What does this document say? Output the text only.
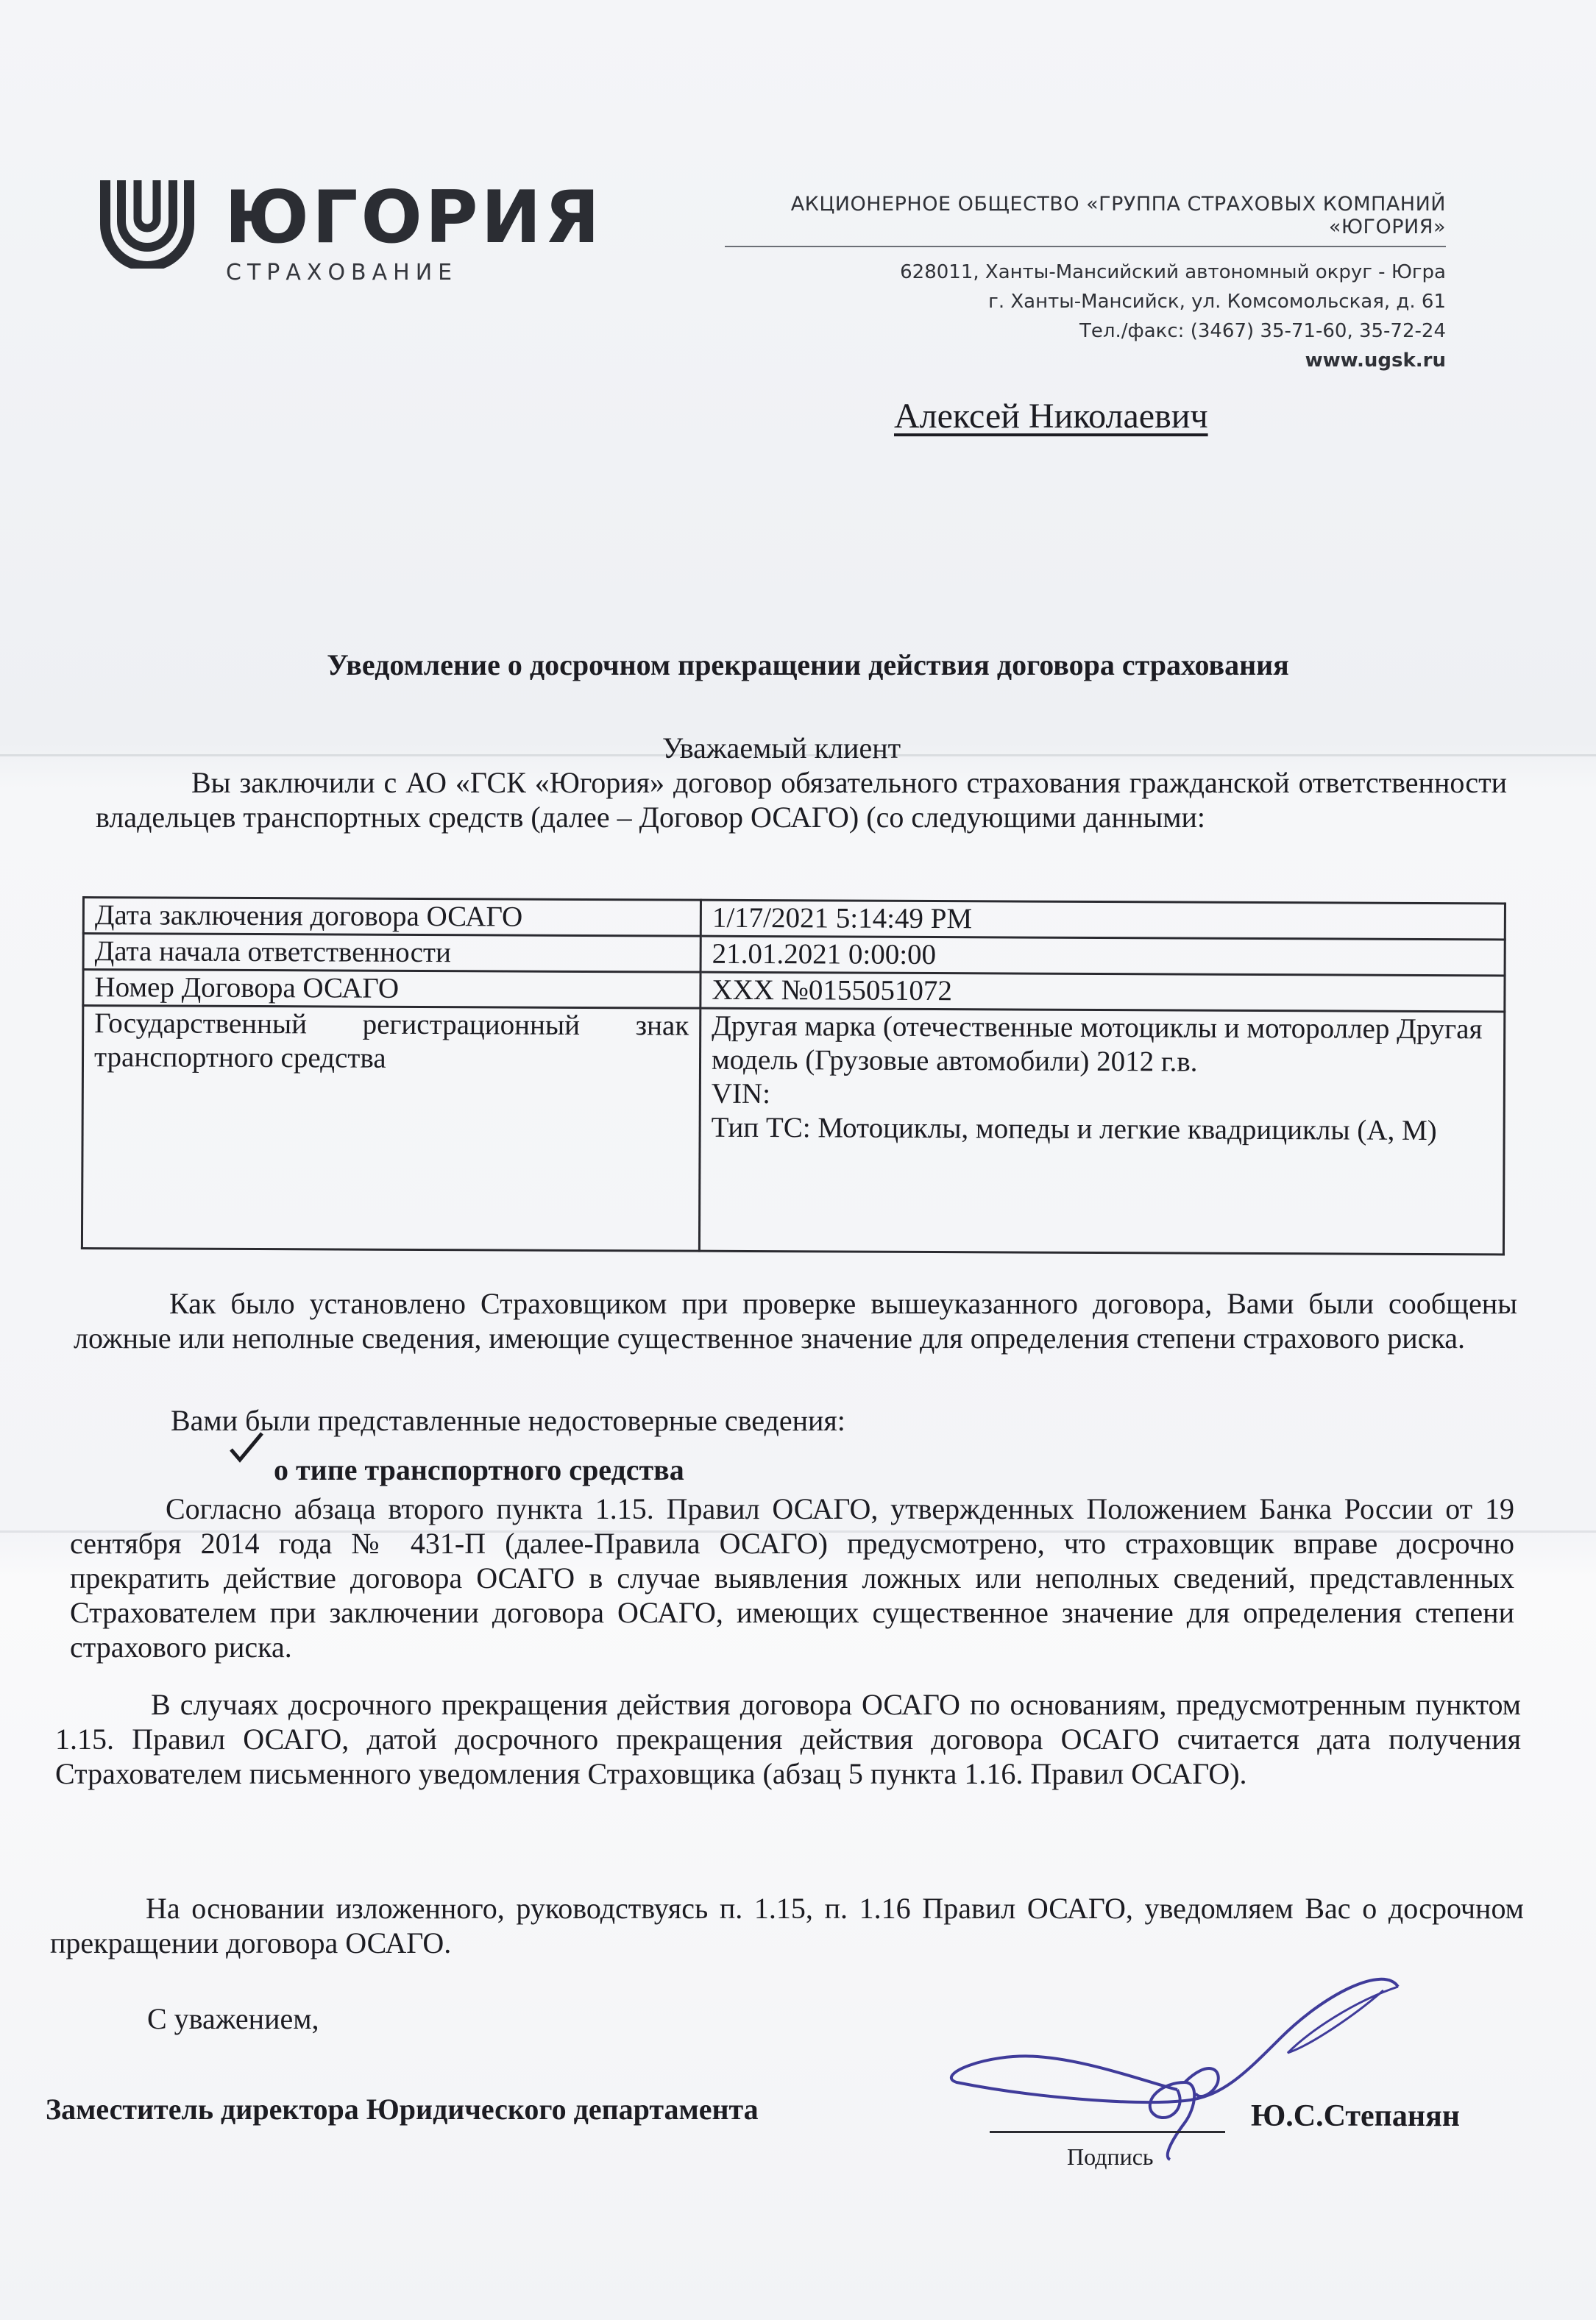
ЮГОРИЯ
СТРАХОВАНИЕ
АКЦИОНЕРНОЕ ОБЩЕСТВО «ГРУППА СТРАХОВЫХ КОМПАНИЙ «ЮГОРИЯ»
628011, Ханты-Мансийский автономный округ - Югра
г. Ханты-Мансийск, ул. Комсомольская, д. 61
Тел./факс: (3467) 35-71-60, 35-72-24
www.ugsk.ru
Алексей Николаевич
Уведомление о досрочном прекращении действия договора страхования
Уважаемый клиент
Вы заключили с АО «ГСК «Югория» договор обязательного страхования гражданской ответственности владельцев транспортных средств (далее – Договор ОСАГО) (со следующими данными:
Дата заключения договора ОСАГО	1/17/2021 5:14:49 PM
Дата начала ответственности	21.01.2021 0:00:00
Номер Договора ОСАГО	ХХХ №0155051072
Государственный регистрационный знак транспортного средства	Другая марка (отечественные мотоциклы и мотороллер Другая модель (Грузовые автомобили) 2012 г.в.
VIN:
Тип ТС: Мотоциклы, мопеды и легкие квадрициклы (A, M)
Как было установлено Страховщиком при проверке вышеуказанного договора, Вами были сообщены ложные или неполные сведения, имеющие существенное значение для определения степени страхового риска.
Вами были представленные недостоверные сведения:
о типе транспортного средства
Согласно абзаца второго пункта 1.15. Правил ОСАГО, утвержденных Положением Банка России от 19 сентября 2014 года № 431-П (далее-Правила ОСАГО) предусмотрено, что страховщик вправе досрочно прекратить действие договора ОСАГО в случае выявления ложных или неполных сведений, представленных Страхователем при заключении договора ОСАГО, имеющих существенное значение для определения степени страхового риска.
В случаях досрочного прекращения действия договора ОСАГО по основаниям, предусмотренным пунктом 1.15. Правил ОСАГО, датой досрочного прекращения действия договора ОСАГО считается дата получения Страхователем письменного уведомления Страховщика (абзац 5 пункта 1.16. Правил ОСАГО).
На основании изложенного, руководствуясь п. 1.15, п. 1.16 Правил ОСАГО, уведомляем Вас о досрочном прекращении договора ОСАГО.
С уважением,
Заместитель директора Юридического департамента
Подпись
Ю.С.Степанян
